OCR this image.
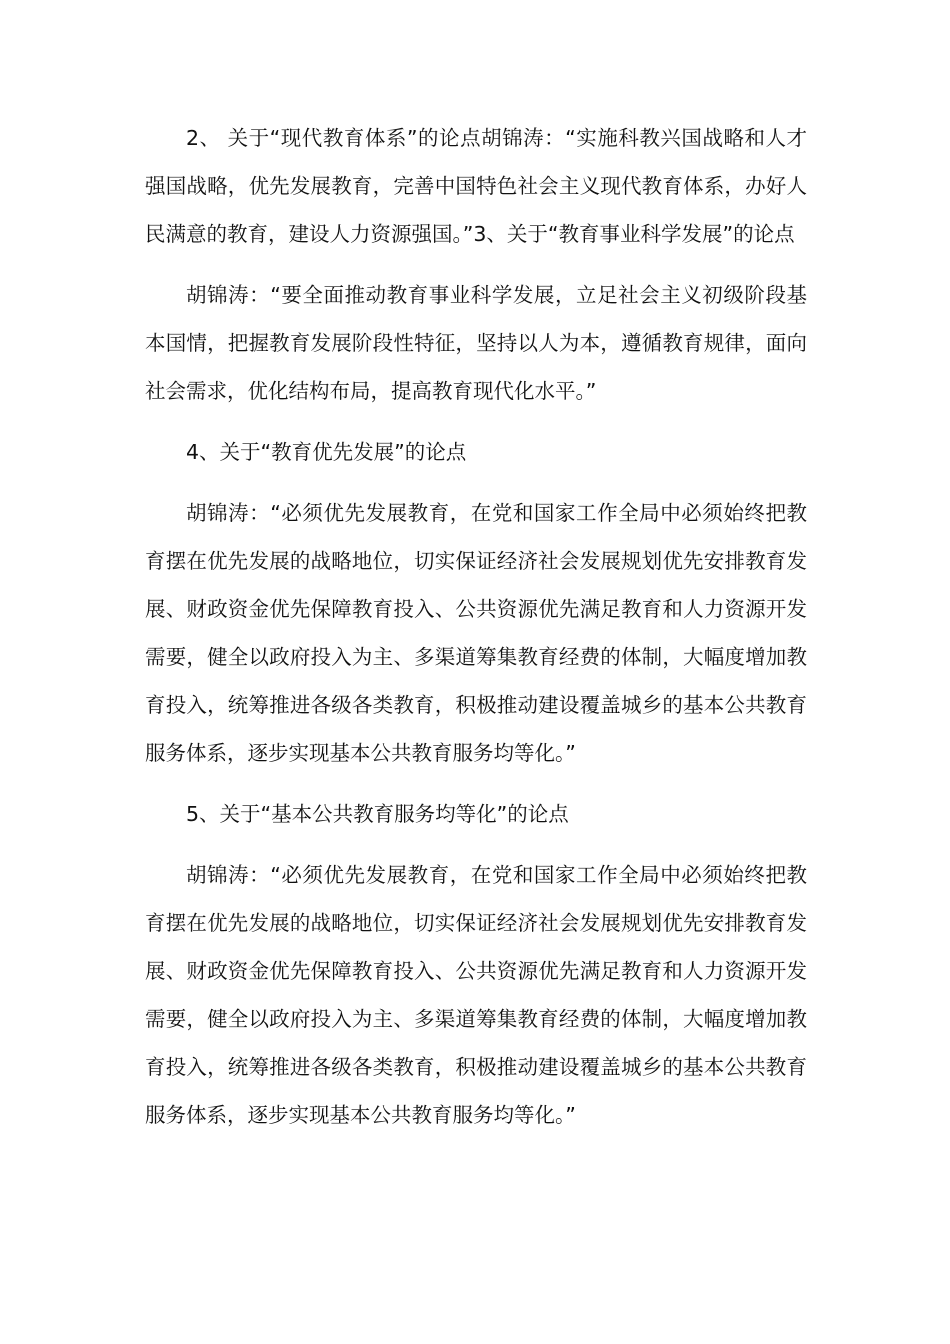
2、 关于“现代教育体系”的论点胡锦涛：“实施科教兴国战略和人才强国战略，优先发展教育，完善中国特色社会主义现代教育体系，办好人民满意的教育，建设人力资源强国。”3、关于“教育事业科学发展”的论点

胡锦涛：“要全面推动教育事业科学发展，立足社会主义初级阶段基本国情，把握教育发展阶段性特征，坚持以人为本，遵循教育规律，面向社会需求，优化结构布局，提高教育现代化水平。”

4、关于“教育优先发展”的论点

胡锦涛：“必须优先发展教育，在党和国家工作全局中必须始终把教育摆在优先发展的战略地位，切实保证经济社会发展规划优先安排教育发展、财政资金优先保障教育投入、公共资源优先满足教育和人力资源开发需要，健全以政府投入为主、多渠道筹集教育经费的体制，大幅度增加教育投入，统筹推进各级各类教育，积极推动建设覆盖城乡的基本公共教育服务体系，逐步实现基本公共教育服务均等化。”

5、关于“基本公共教育服务均等化”的论点

胡锦涛：“必须优先发展教育，在党和国家工作全局中必须始终把教育摆在优先发展的战略地位，切实保证经济社会发展规划优先安排教育发展、财政资金优先保障教育投入、公共资源优先满足教育和人力资源开发需要，健全以政府投入为主、多渠道筹集教育经费的体制，大幅度增加教育投入，统筹推进各级各类教育，积极推动建设覆盖城乡的基本公共教育服务体系，逐步实现基本公共教育服务均等化。”
